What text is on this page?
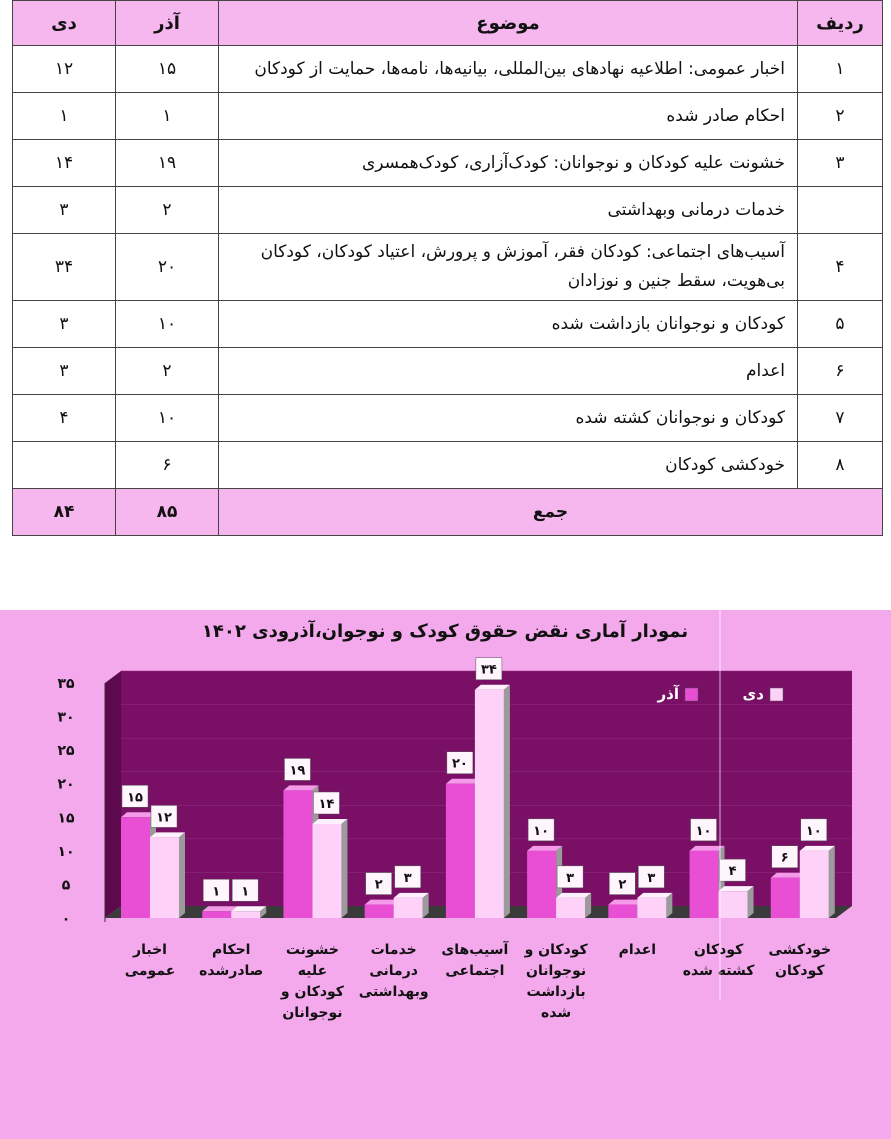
ردیف	موضوع	آذر	دی
۱	اخبار عمومی: اطلاعیه نهادهای بین‌المللی، بیانیه‌ها، نامه‌ها، حمایت از کودکان	۱۵	۱۲
۲	احکام صادر شده	۱	۱
۳	خشونت علیه کودکان و نوجوانان: کودک‌آزاری، کودک‌همسری	۱۹	۱۴
	خدمات درمانی وبهداشتی	۲	۳
۴	آسیب‌های اجتماعی: کودکان فقر، آموزش و پرورش، اعتیاد کودکان، کودکان بی‌هویت، سقط جنین و نوزادان	۲۰	۳۴
۵	کودکان و نوجوانان بازداشت شده	۱۰	۳
۶	اعدام	۲	۳
۷	کودکان و نوجوانان کشته شده	۱۰	۴
۸	خودکشی کودکان	۶	
جمع		۸۵	۸۴
نمودار آماری نقض حقوق کودک و نوجوان،آذرودی ۱۴۰۲
۰
۵
۱۰
۱۵
۲۰
۲۵
۳۰
۳۵
۱۵
۱۲
اخبار
عمومی
۱ ۱
احکام
صادرشده
۱۹
۱۴
خشونت
علیه
کودکان و
نوجوانان
۲ ۳
خدمات
درمانی
وبهداشتی
۲۰
۳۴
آسیب‌های
اجتماعی
۱۰
۳
کودکان و
نوجوانان
بازداشت
شده
۲ ۳
اعدام
۱۰
۴
کودکان
کشته شده
۶
۱۰
خودکشی
کودکان
دی
آذر
